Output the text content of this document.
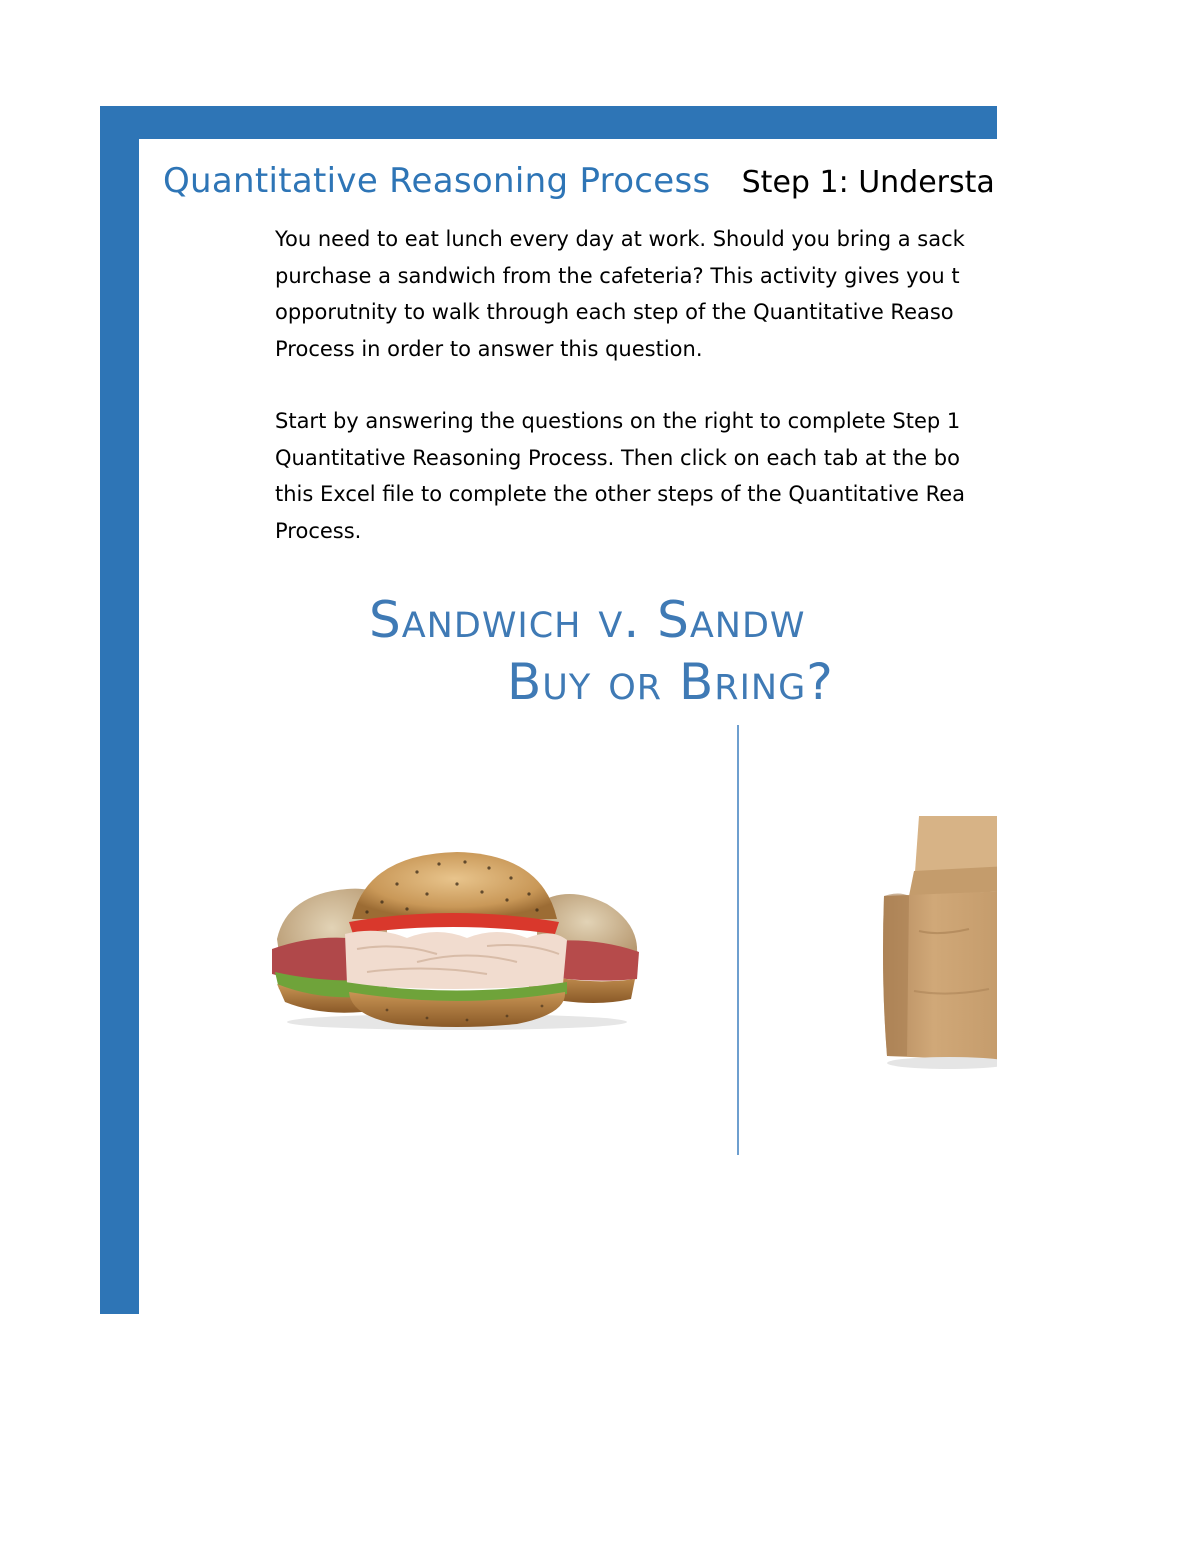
Quantitative Reasoning Process Step 1: Understa

You need to eat lunch every day at work. Should you bring a sack

purchase a sandwich from the cafeteria? This activity gives you t

opporutnity to walk through each step of the Quantitative Reaso

Process in order to answer this question.

Start by answering the questions on the right to complete Step 1

Quantitative Reasoning Process. Then click on each tab at the bo

this Excel file to complete the other steps of the Quantitative Rea

Process.

Sandwich v. Sandw
Buy or Bring?
